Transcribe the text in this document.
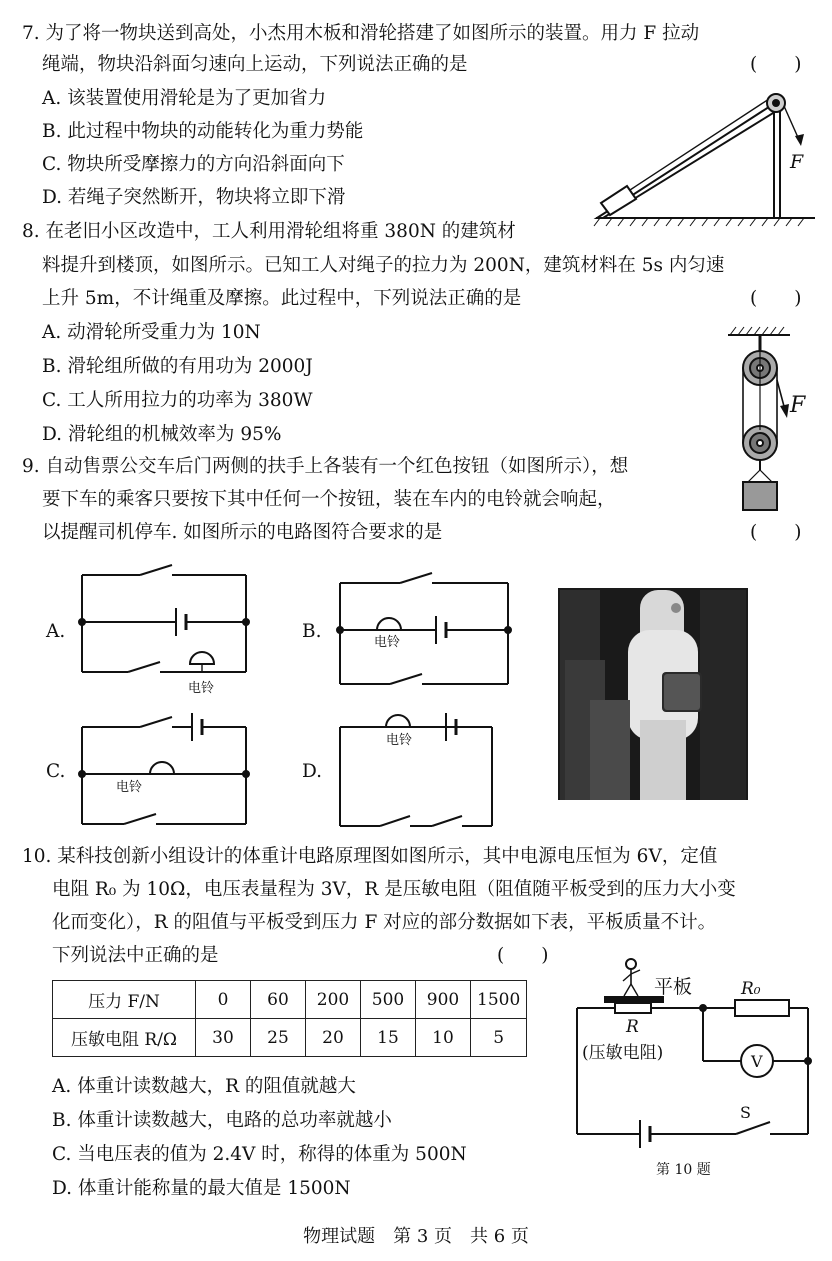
7. 为了将一物块送到高处，小杰用木板和滑轮搭建了如图所示的装置。用力 F 拉动
绳端，物块沿斜面匀速向上运动，下列说法正确的是	(　　)
A. 该装置使用滑轮是为了更加省力
B. 此过程中物块的动能转化为重力势能
C. 物块所受摩擦力的方向沿斜面向下
D. 若绳子突然断开，物块将立即下滑
8. 在老旧小区改造中，工人利用滑轮组将重 380N 的建筑材
料提升到楼顶，如图所示。已知工人对绳子的拉力为 200N，建筑材料在 5s 内匀速
上升 5m，不计绳重及摩擦。此过程中，下列说法正确的是	(　　)
A. 动滑轮所受重力为 10N
B. 滑轮组所做的有用功为 2000J
C. 工人所用拉力的功率为 380W
D. 滑轮组的机械效率为 95%
9. 自动售票公交车后门两侧的扶手上各装有一个红色按钮（如图所示），想
要下车的乘客只要按下其中任何一个按钮，装在车内的电铃就会响起，
以提醒司机停车. 如图所示的电路图符合要求的是	(　　)
A.	B.
C.	D.
10. 某科技创新小组设计的体重计电路原理图如图所示，其中电源电压恒为 6V，定值
电阻 R₀ 为 10Ω，电压表量程为 3V，R 是压敏电阻（阻值随平板受到的压力大小变
化而变化），R 的阻值与平板受到压力 F 对应的部分数据如下表，平板质量不计。
下列说法中正确的是	(　　)
压力 F/N	0	60	200	500	900	1500
压敏电阻 R/Ω	30	25	20	15	10	5
A. 体重计读数越大，R 的阻值就越大
B. 体重计读数越大，电路的总功率就越小
C. 当电压表的值为 2.4V 时，称得的体重为 500N
D. 体重计能称量的最大值是 1500N
物理试题　第 3 页　共 6 页
F
F
电铃
电铃
电铃
电铃
平板	R₀
R
(压敏电阻)	V
S
第 10 题
